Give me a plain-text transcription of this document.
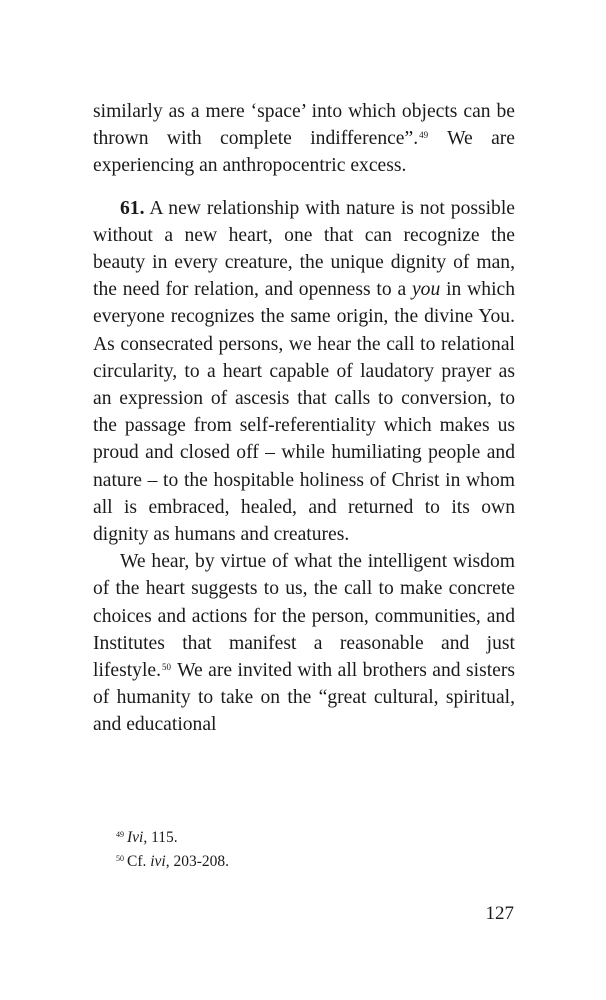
similarly as a mere ‘space’ into which objects can be thrown with complete indifference”.$^{49}$ We are experiencing an anthropocentric excess.

61. A new relationship with nature is not possible without a new heart, one that can recognize the beauty in every creature, the unique dignity of man, the need for relation, and openness to a you in which everyone recognizes the same origin, the divine You. As consecrated persons, we hear the call to relational circularity, to a heart capable of laudatory prayer as an expression of ascesis that calls to conversion, to the passage from self-referentiality which makes us proud and closed off – while humiliating people and nature – to the hospitable holiness of Christ in whom all is embraced, healed, and returned to its own dignity as humans and creatures.

We hear, by virtue of what the intelligent wisdom of the heart suggests to us, the call to make concrete choices and actions for the person, communities, and Institutes that manifest a reasonable and just lifestyle.$^{50}$ We are invited with all brothers and sisters of humanity to take on the “great cultural, spiritual, and educational

$^{49}$ Ivi, 115.

$^{50}$ Cf. ivi, 203-208.

127
